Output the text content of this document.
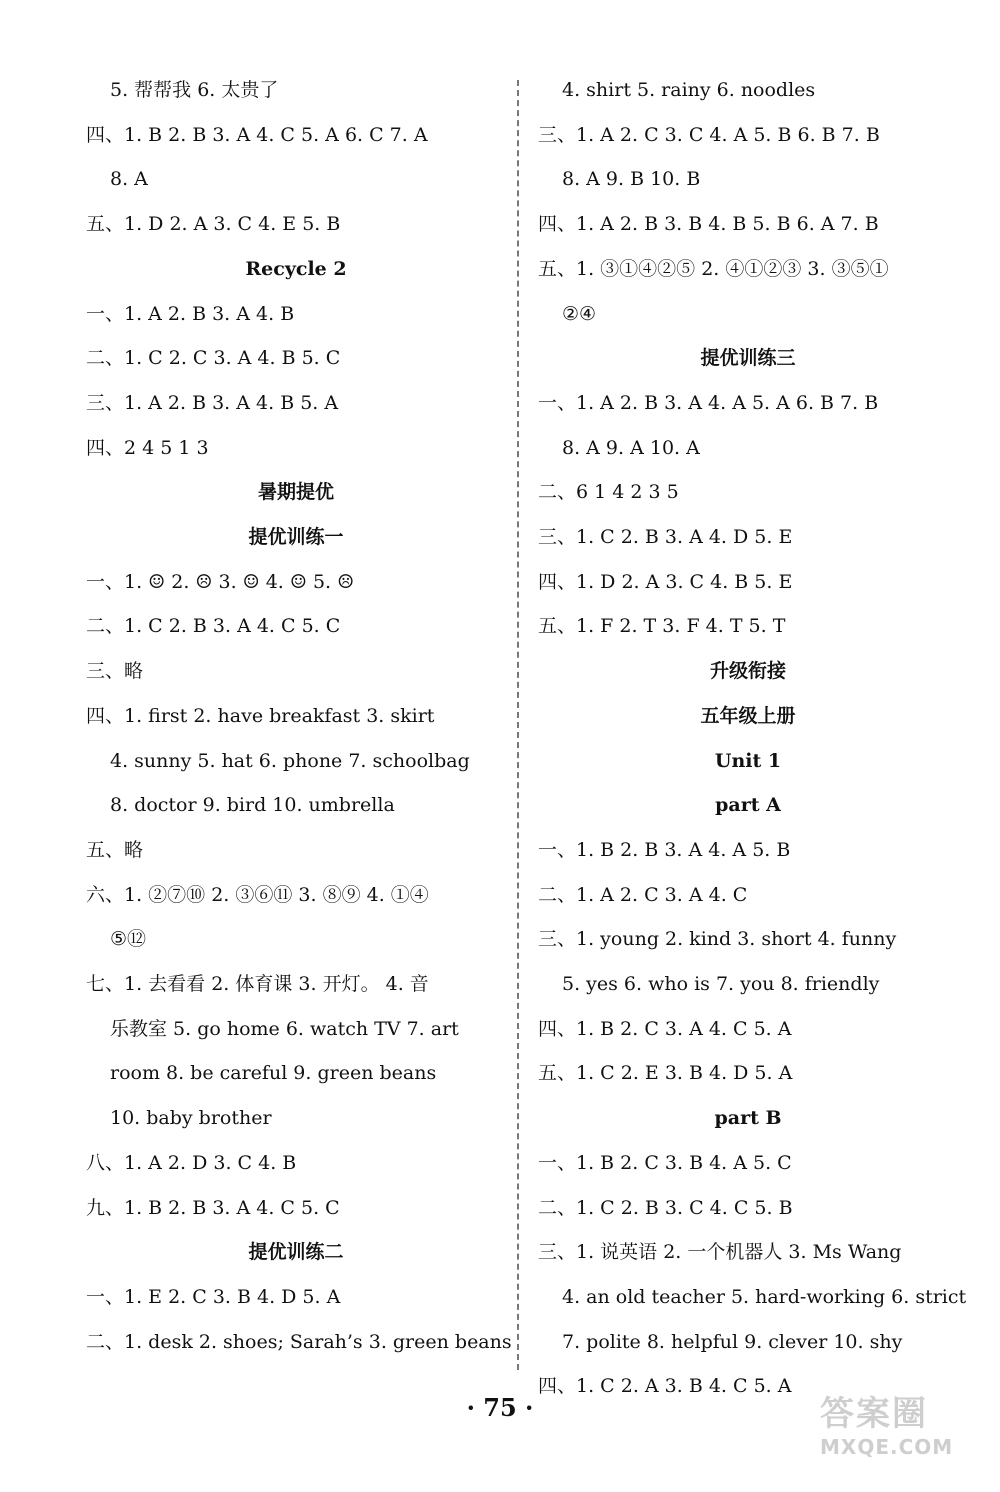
5. 帮帮我 6. 太贵了
四、1. B 2. B 3. A 4. C 5. A 6. C 7. A
8. A
五、1. D 2. A 3. C 4. E 5. B
Recycle 2
一、1. A 2. B 3. A 4. B
二、1. C 2. C 3. A 4. B 5. C
三、1. A 2. B 3. A 4. B 5. A
四、2 4 5 1 3
暑期提优
提优训练一
一、1. ☺ 2. ☹ 3. ☺ 4. ☺ 5. ☹
二、1. C 2. B 3. A 4. C 5. C
三、略
四、1. first 2. have breakfast 3. skirt
4. sunny 5. hat 6. phone 7. schoolbag
8. doctor 9. bird 10. umbrella
五、略
六、1. ②⑦⑩ 2. ③⑥⑪ 3. ⑧⑨ 4. ①④
⑤⑫
七、1. 去看看 2. 体育课 3. 开灯。 4. 音
乐教室 5. go home 6. watch TV 7. art
room 8. be careful 9. green beans
10. baby brother
八、1. A 2. D 3. C 4. B
九、1. B 2. B 3. A 4. C 5. C
提优训练二
一、1. E 2. C 3. B 4. D 5. A
二、1. desk 2. shoes; Sarah’s 3. green beans
4. shirt 5. rainy 6. noodles
三、1. A 2. C 3. C 4. A 5. B 6. B 7. B
8. A 9. B 10. B
四、1. A 2. B 3. B 4. B 5. B 6. A 7. B
五、1. ③①④②⑤ 2. ④①②③ 3. ③⑤①
②④
提优训练三
一、1. A 2. B 3. A 4. A 5. A 6. B 7. B
8. A 9. A 10. A
二、6 1 4 2 3 5
三、1. C 2. B 3. A 4. D 5. E
四、1. D 2. A 3. C 4. B 5. E
五、1. F 2. T 3. F 4. T 5. T
升级衔接
五年级上册
Unit 1
part A
一、1. B 2. B 3. A 4. A 5. B
二、1. A 2. C 3. A 4. C
三、1. young 2. kind 3. short 4. funny
5. yes 6. who is 7. you 8. friendly
四、1. B 2. C 3. A 4. C 5. A
五、1. C 2. E 3. B 4. D 5. A
part B
一、1. B 2. C 3. B 4. A 5. C
二、1. C 2. B 3. C 4. C 5. B
三、1. 说英语 2. 一个机器人 3. Ms Wang
4. an old teacher 5. hard-working 6. strict
7. polite 8. helpful 9. clever 10. shy
四、1. C 2. A 3. B 4. C 5. A
· 75 ·	答案圈
MXQE.COM
